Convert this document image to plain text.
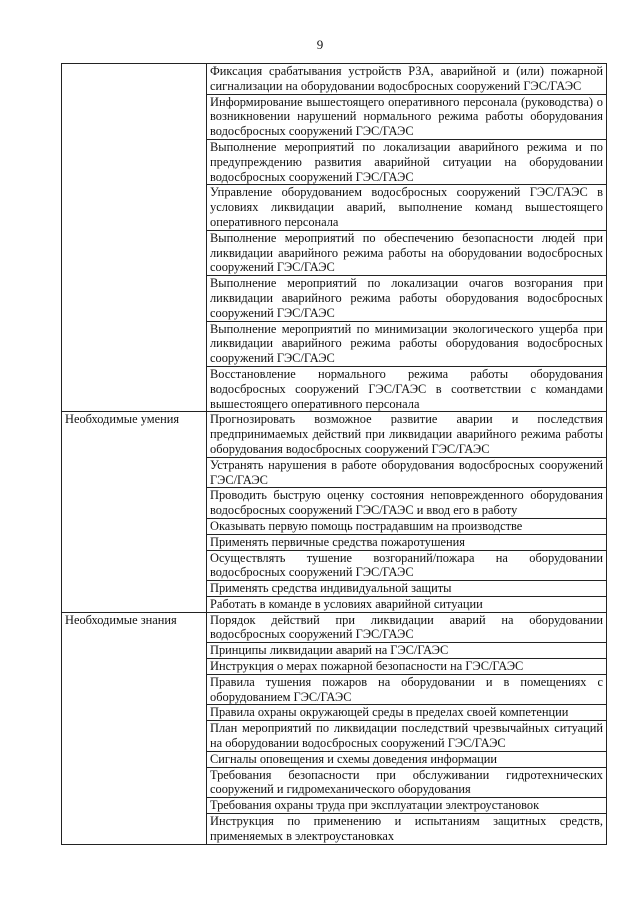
9
	Фиксация срабатывания устройств РЗА, аварийной и (или) пожарной сигнализации на оборудовании водосбросных сооружений ГЭС/ГАЭС
	Информирование вышестоящего оперативного персонала (руководства) о возникновении нарушений нормального режима работы оборудования водосбросных сооружений ГЭС/ГАЭС
	Выполнение мероприятий по локализации аварийного режима и по предупреждению развития аварийной ситуации на оборудовании водосбросных сооружений ГЭС/ГАЭС
	Управление оборудованием водосбросных сооружений ГЭС/ГАЭС в условиях ликвидации аварий, выполнение команд вышестоящего оперативного персонала
	Выполнение мероприятий по обеспечению безопасности людей при ликвидации аварийного режима работы на оборудовании водосбросных сооружений ГЭС/ГАЭС
	Выполнение мероприятий по локализации очагов возгорания при ликвидации аварийного режима работы оборудования водосбросных сооружений ГЭС/ГАЭС
	Выполнение мероприятий по минимизации экологического ущерба при ликвидации аварийного режима работы оборудования водосбросных сооружений ГЭС/ГАЭС
	Восстановление нормального режима работы оборудования водосбросных сооружений ГЭС/ГАЭС в соответствии с командами вышестоящего оперативного персонала
Необходимые умения	Прогнозировать возможное развитие аварии и последствия предпринимаемых действий при ликвидации аварийного режима работы оборудования водосбросных сооружений ГЭС/ГАЭС
	Устранять нарушения в работе оборудования водосбросных сооружений ГЭС/ГАЭС
	Проводить быструю оценку состояния неповрежденного оборудования водосбросных сооружений ГЭС/ГАЭС и ввод его в работу
	Оказывать первую помощь пострадавшим на производстве
	Применять первичные средства пожаротушения
	Осуществлять тушение возгораний/пожара на оборудовании водосбросных сооружений ГЭС/ГАЭС
	Применять средства индивидуальной защиты
	Работать в команде в условиях аварийной ситуации
Необходимые знания	Порядок действий при ликвидации аварий на оборудовании водосбросных сооружений ГЭС/ГАЭС
	Принципы ликвидации аварий на ГЭС/ГАЭС
	Инструкция о мерах пожарной безопасности на ГЭС/ГАЭС
	Правила тушения пожаров на оборудовании и в помещениях с оборудованием ГЭС/ГАЭС
	Правила охраны окружающей среды в пределах своей компетенции
	План мероприятий по ликвидации последствий чрезвычайных ситуаций на оборудовании водосбросных сооружений ГЭС/ГАЭС
	Сигналы оповещения и схемы доведения информации
	Требования безопасности при обслуживании гидротехнических сооружений и гидромеханического оборудования
	Требования охраны труда при эксплуатации электроустановок
	Инструкция по применению и испытаниям защитных средств, применяемых в электроустановках
